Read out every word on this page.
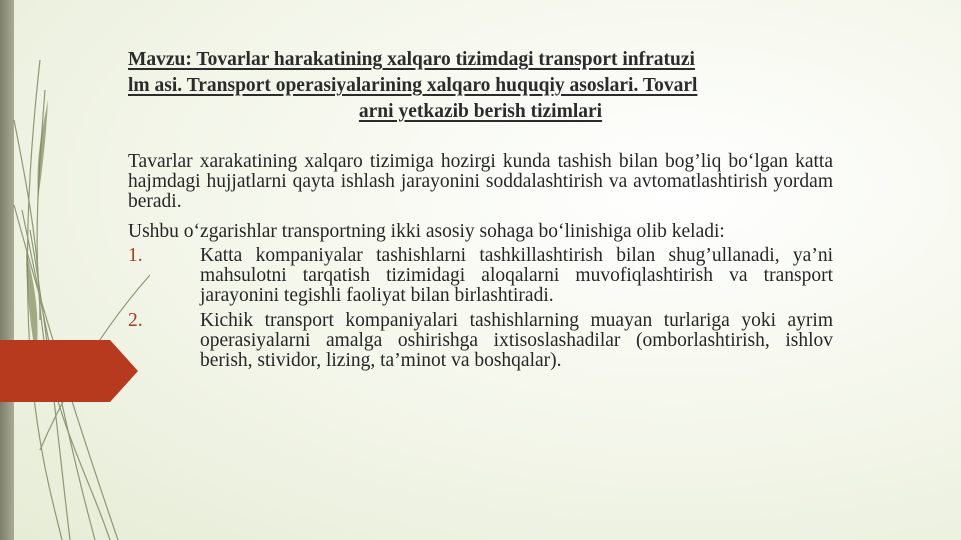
Mavzu: Tovarlar harakatining xalqaro tizimdagi transport infratuzi
lm asi. Transport operasiyalarining xalqaro huquqiy asoslari. Tovarl

arni yetkazib berish tizimlari

Tavarlar xarakatining xalqaro tizimiga hozirgi kunda tashish bilan bog’liq bo‘lgan katta hajmdagi hujjatlarni qayta ishlash jarayonini soddalashtirish va avtomatlashtirish yordam beradi.

Ushbu o‘zgarishlar transportning ikki asosiy sohaga bo‘linishiga olib keladi:

1.	Katta kompaniyalar tashishlarni tashkillashtirish bilan shug’ullanadi, ya’ni mahsulotni tarqatish tizimidagi aloqalarni muvofiqlashtirish va transport jarayonini tegishli faoliyat bilan birlashtiradi.
2.	Kichik transport kompaniyalari tashishlarning muayan turlariga yoki ayrim operasiyalarni amalga oshirishga ixtisoslashadilar (omborlashtirish, ishlov berish, stividor, lizing, ta’minot va boshqalar).
